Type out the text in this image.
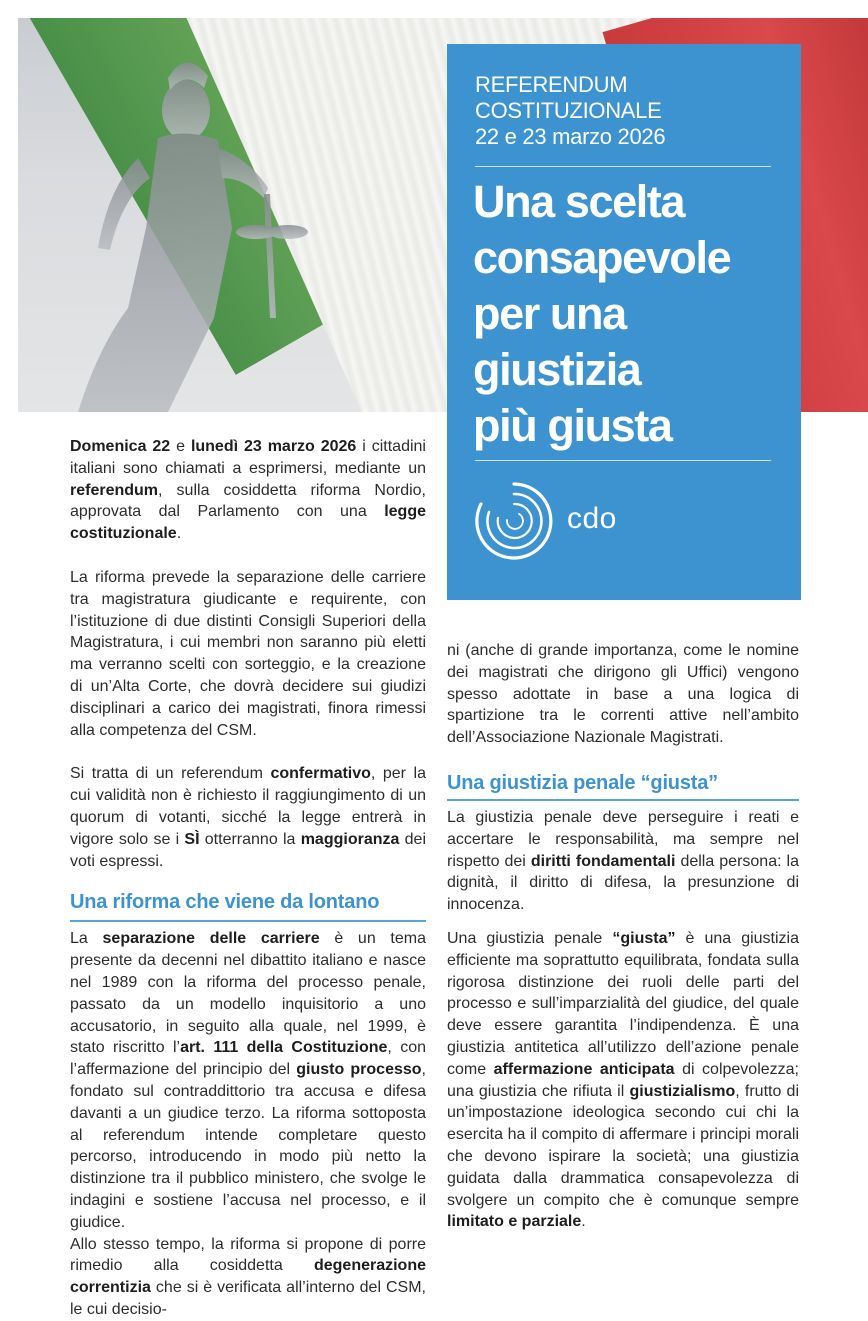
REFERENDUM
COSTITUZIONALE
22 e 23 marzo 2026
Una scelta
consapevole
per una
giustizia
più giusta
cdo

Domenica 22 e lunedì 23 marzo 2026 i cittadini italiani sono chiamati a esprimersi, mediante un referendum, sulla cosiddetta riforma Nordio, approvata dal Parlamento con una legge costituzionale.

La riforma prevede la separazione delle carriere tra magistratura giudicante e requirente, con l’istituzione di due distinti Consigli Superiori della Magistratura, i cui membri non saranno più eletti ma verranno scelti con sorteggio, e la creazione di un’Alta Corte, che dovrà decidere sui giudizi disciplinari a carico dei magistrati, finora rimessi alla competenza del CSM.

Si tratta di un referendum confermativo, per la cui validità non è richiesto il raggiungimento di un quorum di votanti, sicché la legge entrerà in vigore solo se i SÌ otterranno la maggioranza dei voti espressi.

Una riforma che viene da lontano

La separazione delle carriere è un tema presente da decenni nel dibattito italiano e nasce nel 1989 con la riforma del processo penale, passato da un modello inquisitorio a uno accusatorio, in seguito alla quale, nel 1999, è stato riscritto l’art. 111 della Costituzione, con l’affermazione del principio del giusto processo, fondato sul contraddittorio tra accusa e difesa davanti a un giudice terzo. La riforma sottoposta al referendum intende completare questo percorso, introducendo in modo più netto la distinzione tra il pubblico ministero, che svolge le indagini e sostiene l’accusa nel processo, e il giudice.

Allo stesso tempo, la riforma si propone di porre rimedio alla cosiddetta degenerazione correntizia che si è verificata all’interno del CSM, le cui decisio-

ni (anche di grande importanza, come le nomine dei magistrati che dirigono gli Uffici) vengono spesso adottate in base a una logica di spartizione tra le correnti attive nell’ambito dell’Associazione Nazionale Magistrati.

Una giustizia penale “giusta”

La giustizia penale deve perseguire i reati e accertare le responsabilità, ma sempre nel rispetto dei diritti fondamentali della persona: la dignità, il diritto di difesa, la presunzione di innocenza.

Una giustizia penale “giusta” è una giustizia efficiente ma soprattutto equilibrata, fondata sulla rigorosa distinzione dei ruoli delle parti del processo e sull’imparzialità del giudice, del quale deve essere garantita l’indipendenza. È una giustizia antitetica all’utilizzo dell’azione penale come affermazione anticipata di colpevolezza; una giustizia che rifiuta il giustizialismo, frutto di un’impostazione ideologica secondo cui chi la esercita ha il compito di affermare i principi morali che devono ispirare la società; una giustizia guidata dalla drammatica consapevolezza di svolgere un compito che è comunque sempre limitato e parziale.
